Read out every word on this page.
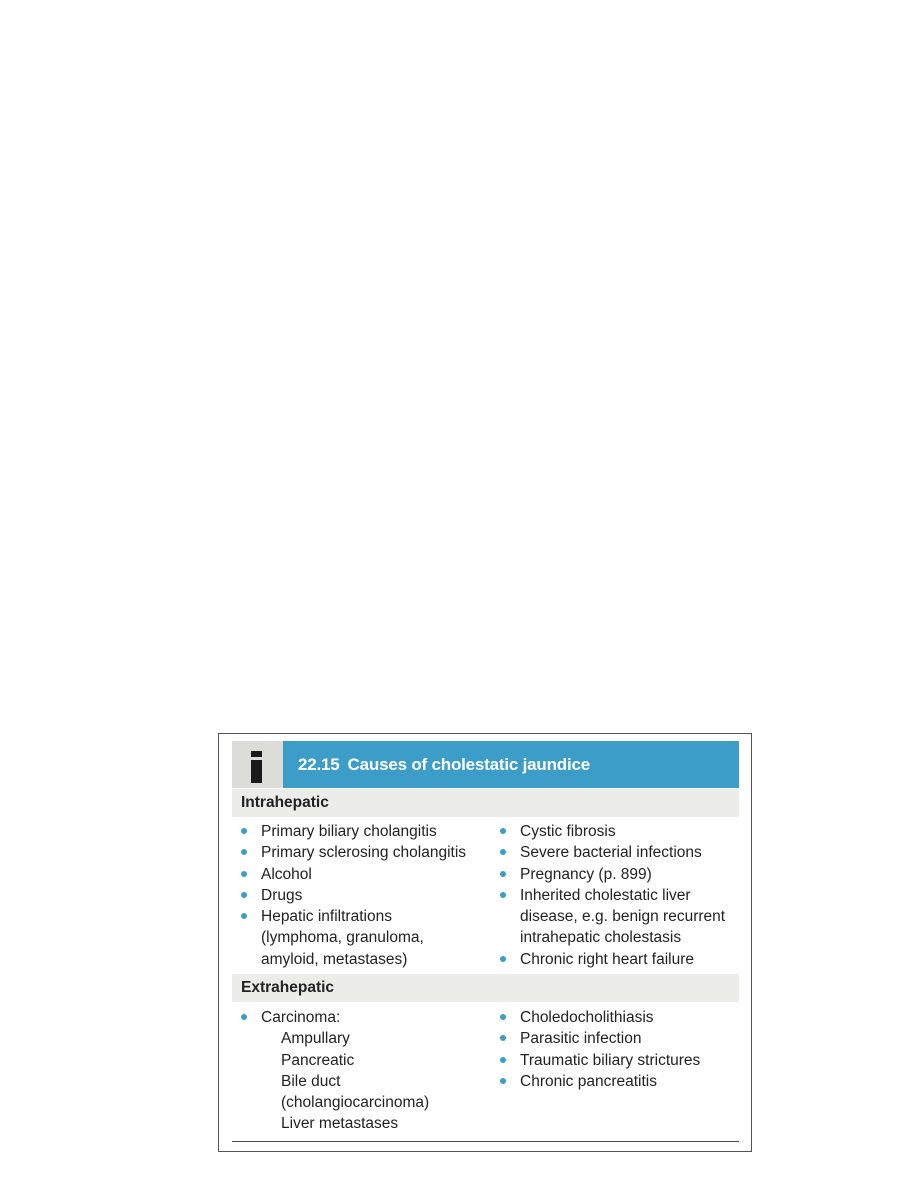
22.15 Causes of cholestatic jaundice
Intrahepatic
Primary biliary cholangitis
Primary sclerosing cholangitis
Alcohol
Drugs
Hepatic infiltrations
(lymphoma, granuloma,
amyloid, metastases)
Cystic fibrosis
Severe bacterial infections
Pregnancy (p. 899)
Inherited cholestatic liver
disease, e.g. benign recurrent
intrahepatic cholestasis
Chronic right heart failure
Extrahepatic
Carcinoma:
Ampullary
Pancreatic
Bile duct
(cholangiocarcinoma)
Liver metastases
Choledocholithiasis
Parasitic infection
Traumatic biliary strictures
Chronic pancreatitis
